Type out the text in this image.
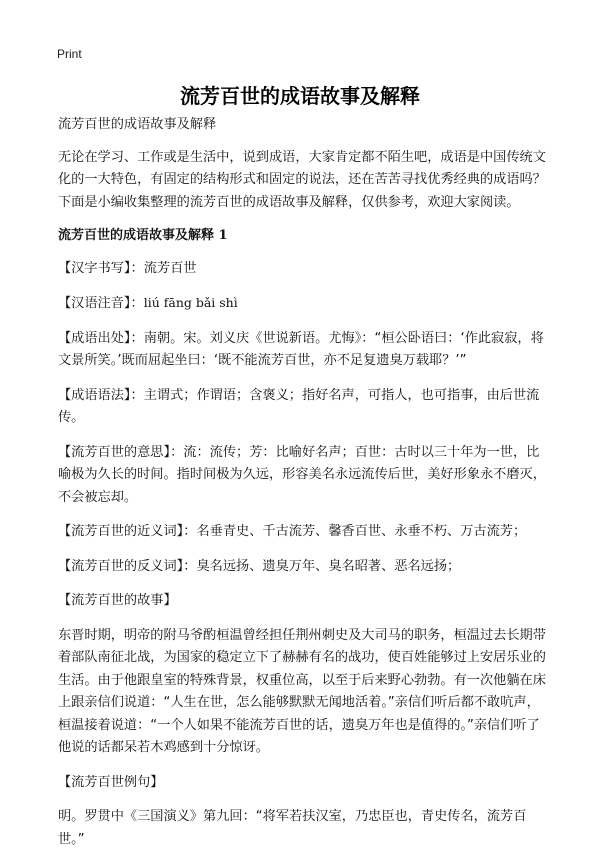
Print
流芳百世的成语故事及解释

流芳百世的成语故事及解释

无论在学习、工作或是生活中，说到成语，大家肯定都不陌生吧，成语是中国传统文化的一大特色，有固定的结构形式和固定的说法，还在苦苦寻找优秀经典的成语吗？下面是小编收集整理的流芳百世的成语故事及解释，仅供参考，欢迎大家阅读。

流芳百世的成语故事及解释 1

【汉字书写】：流芳百世

【汉语注音】：liú fāng bǎi shì

【成语出处】：南朝。宋。刘义庆《世说新语。尤悔》：“桓公卧语曰：‘作此寂寂，将文景所笑。’既而屈起坐曰：‘既不能流芳百世，亦不足复遗臭万载耶？’”

【成语语法】：主谓式；作谓语；含褒义；指好名声，可指人，也可指事，由后世流传。

【流芳百世的意思】：流：流传；芳：比喻好名声；百世：古时以三十年为一世，比喻极为久长的时间。指时间极为久远，形容美名永远流传后世，美好形象永不磨灭，不会被忘却。

【流芳百世的近义词】：名垂青史、千古流芳、馨香百世、永垂不朽、万古流芳；

【流芳百世的反义词】：臭名远扬、遗臭万年、臭名昭著、恶名远扬；

【流芳百世的故事】

东晋时期，明帝的附马爷酌桓温曾经担任荆州刺史及大司马的职务，桓温过去长期带着部队南征北战，为国家的稳定立下了赫赫有名的战功，使百姓能够过上安居乐业的生活。由于他跟皇室的特殊背景，权重位高，以至于后来野心勃勃。有一次他躺在床上跟亲信们说道：“人生在世，怎么能够默默无闻地活着。”亲信们听后都不敢吭声，桓温接着说道：“一个人如果不能流芳百世的话，遗臭万年也是值得的。”亲信们听了他说的话都呆若木鸡感到十分惊讶。

【流芳百世例句】

明。罗贯中《三国演义》第九回：“将军若扶汉室，乃忠臣也，青史传名，流芳百世。”
